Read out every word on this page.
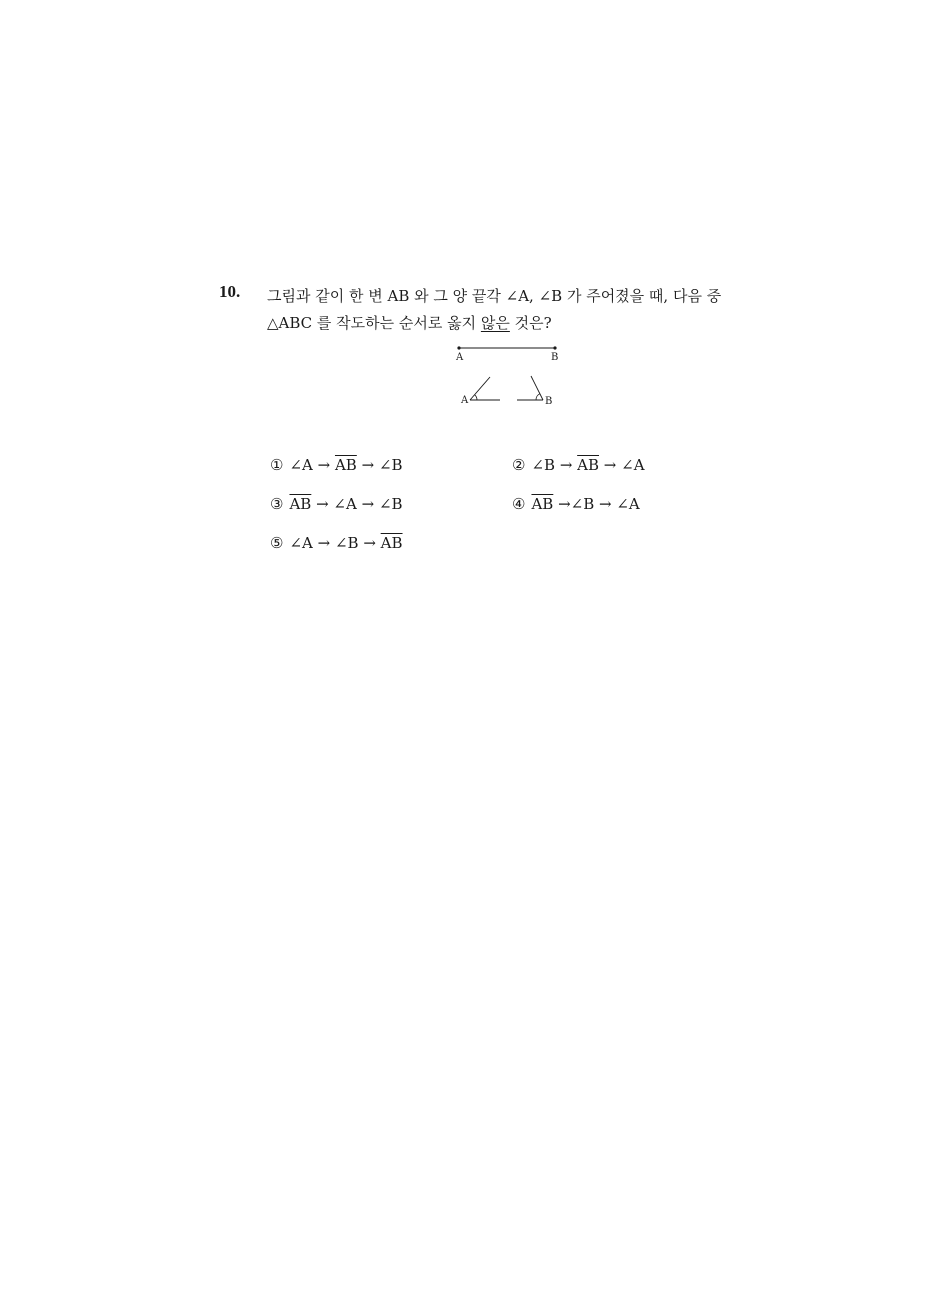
10. 그림과 같이 한 변 AB 와 그 양 끝각 ∠A, ∠B 가 주어졌을 때, 다음 중
△ABC 를 작도하는 순서로 옳지 않은 것은?
A	B
A	B
① ∠A → $\overline{AB}$ → ∠B	② ∠B → $\overline{AB}$ → ∠A
③ $\overline{AB}$ → ∠A → ∠B	④ $\overline{AB}$ →∠B → ∠A
⑤ ∠A → ∠B → $\overline{AB}$
